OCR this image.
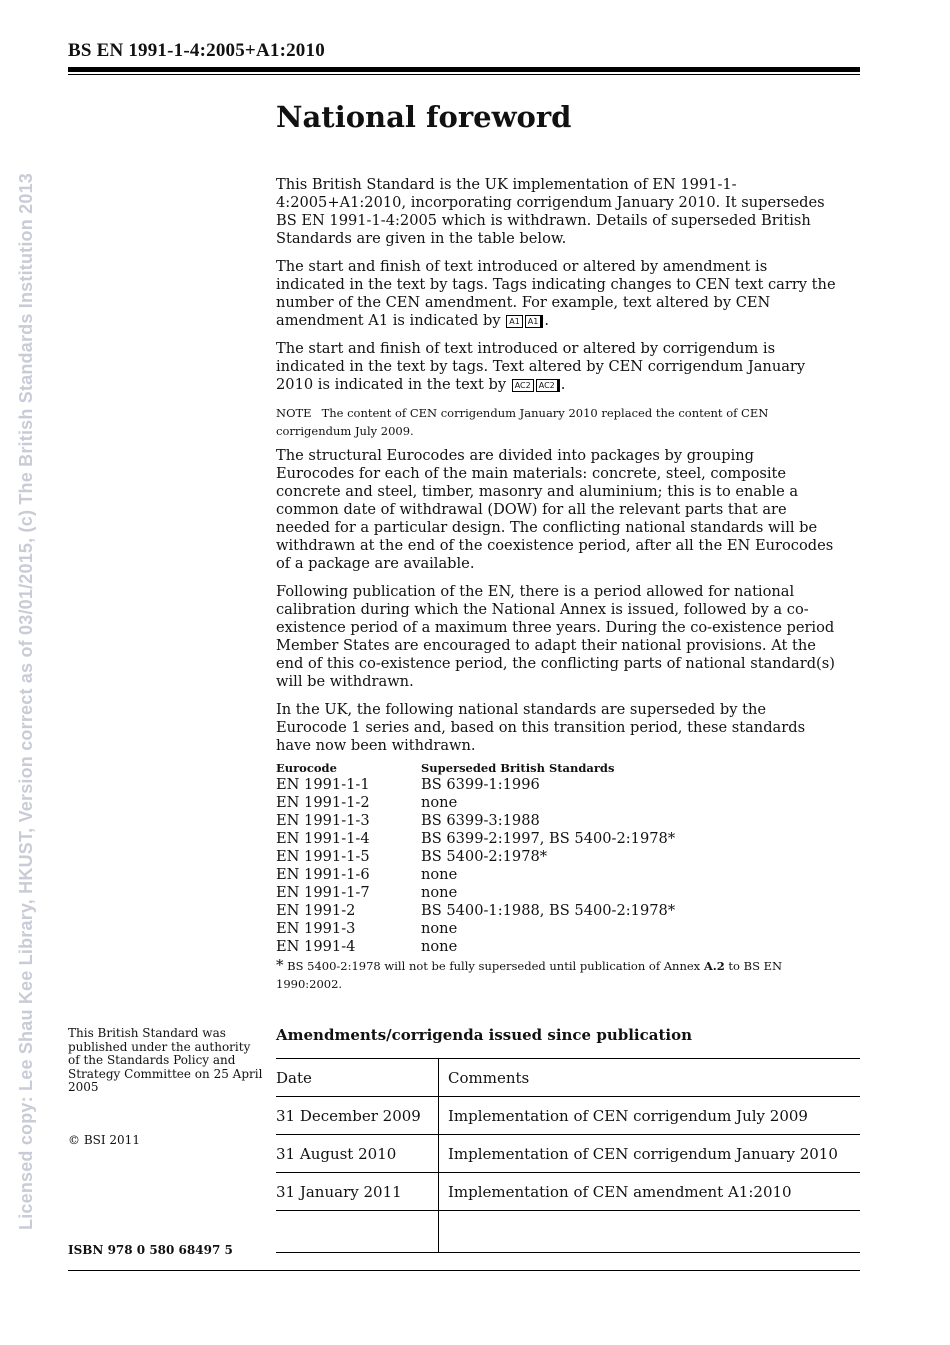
BS EN 1991-1-4:2005+A1:2010
Licensed copy: Lee Shau Kee Library, HKUST, Version correct as of 03/01/2015, (c) The British Standards Institution 2013
National foreword

This British Standard is the UK implementation of EN 1991-1-4:2005+A1:2010, incorporating corrigendum January 2010. It supersedes BS EN 1991-1-4:2005 which is withdrawn. Details of superseded British Standards are given in the table below.

The start and finish of text introduced or altered by amendment is indicated in the text by tags. Tags indicating changes to CEN text carry the number of the CEN amendment. For example, text altered by CEN amendment A1 is indicated by A1 A1 .

The start and finish of text introduced or altered by corrigendum is indicated in the text by tags. Text altered by CEN corrigendum January 2010 is indicated in the text by AC2 AC2 .

NOTE The content of CEN corrigendum January 2010 replaced the content of CEN corrigendum July 2009.

The structural Eurocodes are divided into packages by grouping Eurocodes for each of the main materials: concrete, steel, composite concrete and steel, timber, masonry and aluminium; this is to enable a common date of withdrawal (DOW) for all the relevant parts that are needed for a particular design. The conflicting national standards will be withdrawn at the end of the coexistence period, after all the EN Eurocodes of a package are available.

Following publication of the EN, there is a period allowed for national calibration during which the National Annex is issued, followed by a co-existence period of a maximum three years. During the co-existence period Member States are encouraged to adapt their national provisions. At the end of this co-existence period, the conflicting parts of national standard(s) will be withdrawn.

In the UK, the following national standards are superseded by the Eurocode 1 series and, based on this transition period, these standards have now been withdrawn.

Eurocode	Superseded British Standards
EN 1991-1-1	BS 6399-1:1996
EN 1991-1-2	none
EN 1991-1-3	BS 6399-3:1988
EN 1991-1-4	BS 6399-2:1997, BS 5400-2:1978*
EN 1991-1-5	BS 5400-2:1978*
EN 1991-1-6	none
EN 1991-1-7	none
EN 1991-2	BS 5400-1:1988, BS 5400-2:1978*
EN 1991-3	none
EN 1991-4	none
* BS 5400-2:1978 will not be fully superseded until publication of Annex A.2 to BS EN 1990:2002.
This British Standard was published under the authority of the Standards Policy and Strategy Committee on 25 April 2005
© BSI 2011
ISBN 978 0 580 68497 5
Amendments/corrigenda issued since publication
Date	Comments
31 December 2009	Implementation of CEN corrigendum July 2009
31 August 2010	Implementation of CEN corrigendum January 2010
31 January 2011	Implementation of CEN amendment A1:2010
